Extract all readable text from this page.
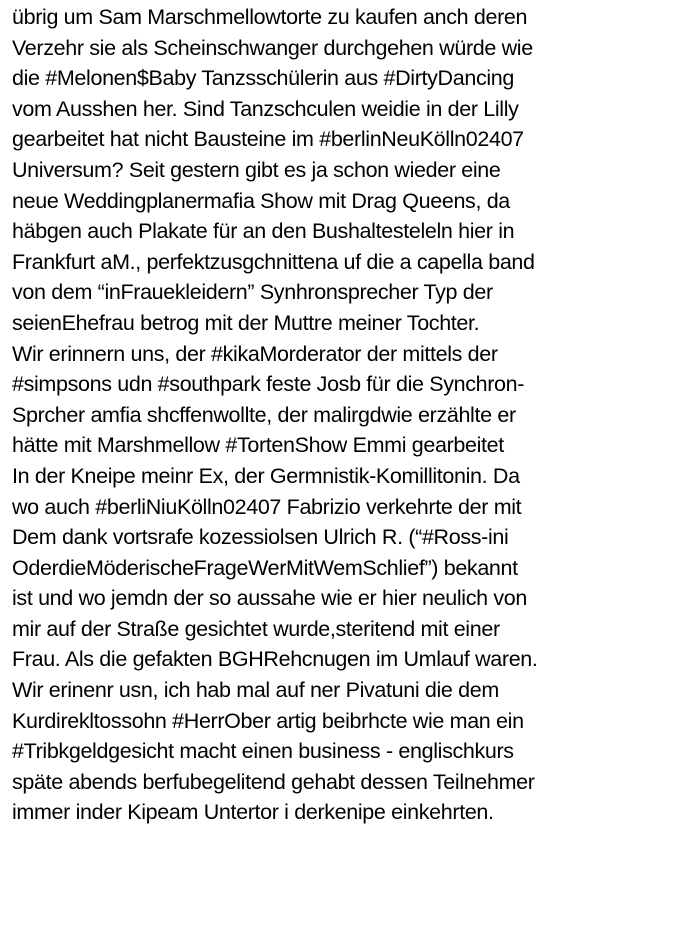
übrig um Sam Marschmellowtorte zu kaufen anch deren
Verzehr sie als Scheinschwanger durchgehen würde wie
die #Melonen$Baby Tanzsschülerin aus #DirtyDancing
vom Ausshen her. Sind Tanzschculen weidie in der Lilly
gearbeitet hat nicht Bausteine im #berlinNeuKölln02407
Universum? Seit gestern gibt es ja schon wieder eine
neue Weddingplanermafia Show mit Drag Queens, da
häbgen auch Plakate für an den Bushaltesteleln hier in
Frankfurt aM., perfektzusgchnittena uf die a capella band
von dem “inFrauekleidern” Synhronsprecher Typ der
seienEhefrau betrog mit der Muttre meiner Tochter.
Wir erinnern uns, der #kikaMorderator der mittels der
#simpsons udn #southpark feste Josb für die Synchron-
Sprcher amfia shcffenwollte, der malirgdwie erzählte er
hätte mit Marshmellow #TortenShow Emmi gearbeitet
In der Kneipe meinr Ex, der Germnistik-Komillitonin. Da
wo auch #berliNiuKölln02407 Fabrizio verkehrte der mit
Dem dank vortsrafe kozessiolsen Ulrich R. (“#Ross-ini
OderdieMöderischeFrageWerMitWemSchlief”) bekannt
ist und wo jemdn der so aussahe wie er hier neulich von
mir auf der Straße gesichtet wurde,steritend mit einer
Frau. Als die gefakten BGHRehcnugen im Umlauf waren.
Wir erinenr usn, ich hab mal auf ner Pivatuni die dem
Kurdirekltossohn #HerrOber artig beibrhcte wie man ein
#Tribkgeldgesicht macht einen business - englischkurs
späte abends berfubegelitend gehabt dessen Teilnehmer
immer inder Kipeam Untertor i derkenipe einkehrten.
